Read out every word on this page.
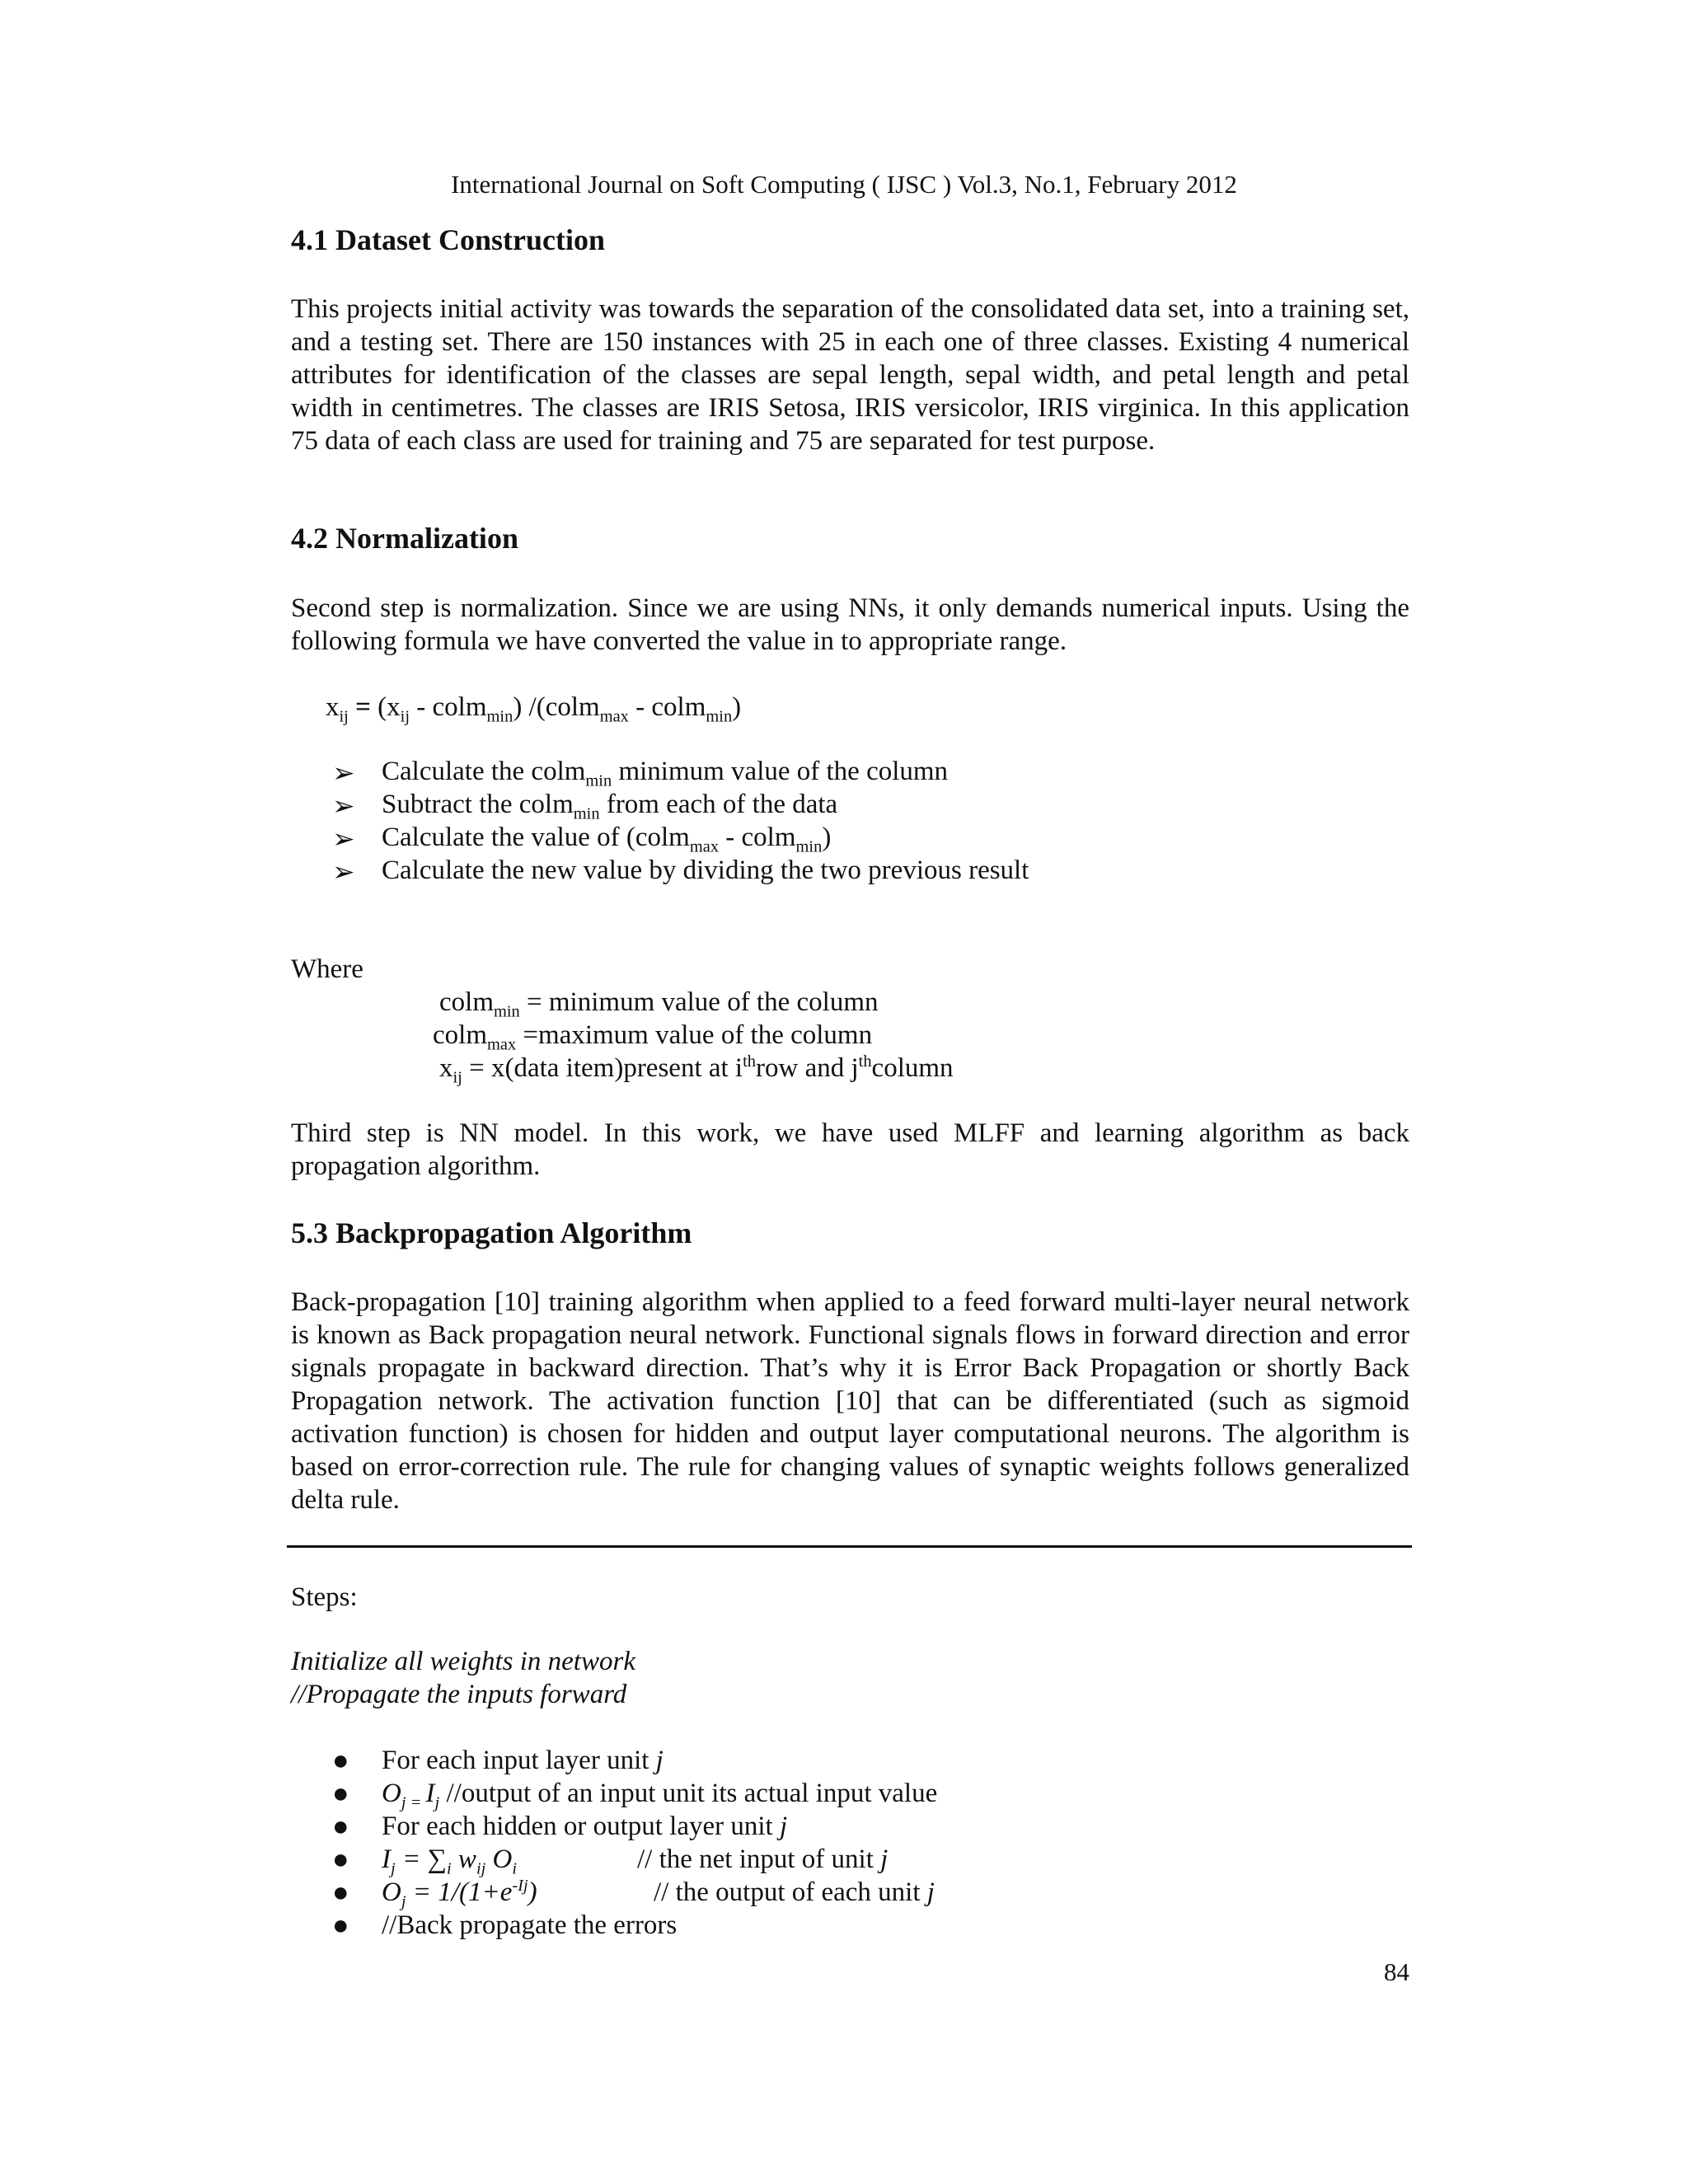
International Journal on Soft Computing ( IJSC ) Vol.3, No.1, February 2012
4.1 Dataset Construction

This projects initial activity was towards the separation of the consolidated data set, into a training set, and a testing set. There are 150 instances with 25 in each one of three classes. Existing 4 numerical attributes for identification of the classes are sepal length, sepal width, and petal length and petal width in centimetres. The classes are IRIS Setosa, IRIS versicolor, IRIS virginica. In this application 75 data of each class are used for training and 75 are separated for test purpose.

4.2 Normalization

Second step is normalization. Since we are using NNs, it only demands numerical inputs. Using the following formula we have converted the value in to appropriate range.

$x_{ij} = (x_{ij}$ - colm$_{min}$) /(colm$_{max}$ - colm$_{min}$)
➢ Calculate the colm$_{min}$ minimum value of the column
➢ Subtract the colm$_{min}$ from each of the data
➢ Calculate the value of (colm$_{max}$ - colm$_{min}$)
➢ Calculate the new value by dividing the two previous result
Where
colm$_{min}$ = minimum value of the column
colm$_{max}$ =maximum value of the column
$x_{ij}$ = x(data item)present at $i^{th}row$ and $j^{th}column$

Third step is NN model. In this work, we have used MLFF and learning algorithm as back propagation algorithm.

5.3 Backpropagation Algorithm

Back-propagation [10] training algorithm when applied to a feed forward multi-layer neural network is known as Back propagation neural network. Functional signals flows in forward direction and error signals propagate in backward direction. That’s why it is Error Back Propagation or shortly Back Propagation network. The activation function [10] that can be differentiated (such as sigmoid activation function) is chosen for hidden and output layer computational neurons. The algorithm is based on error-correction rule. The rule for changing values of synaptic weights follows generalized delta rule.

Steps:
Initialize all weights in network
//Propagate the inputs forward
● For each input layer unit j
● $O_{j =}$ $I_j$ //output of an input unit its actual input value
● For each hidden or output layer unit j
● $I_j = \sum_i$ $w_{ij}$ $O_i$	// the net input of unit j
● $O_j = 1/(1+e^{-Ij})$	// the output of each unit j
● //Back propagate the errors
84
